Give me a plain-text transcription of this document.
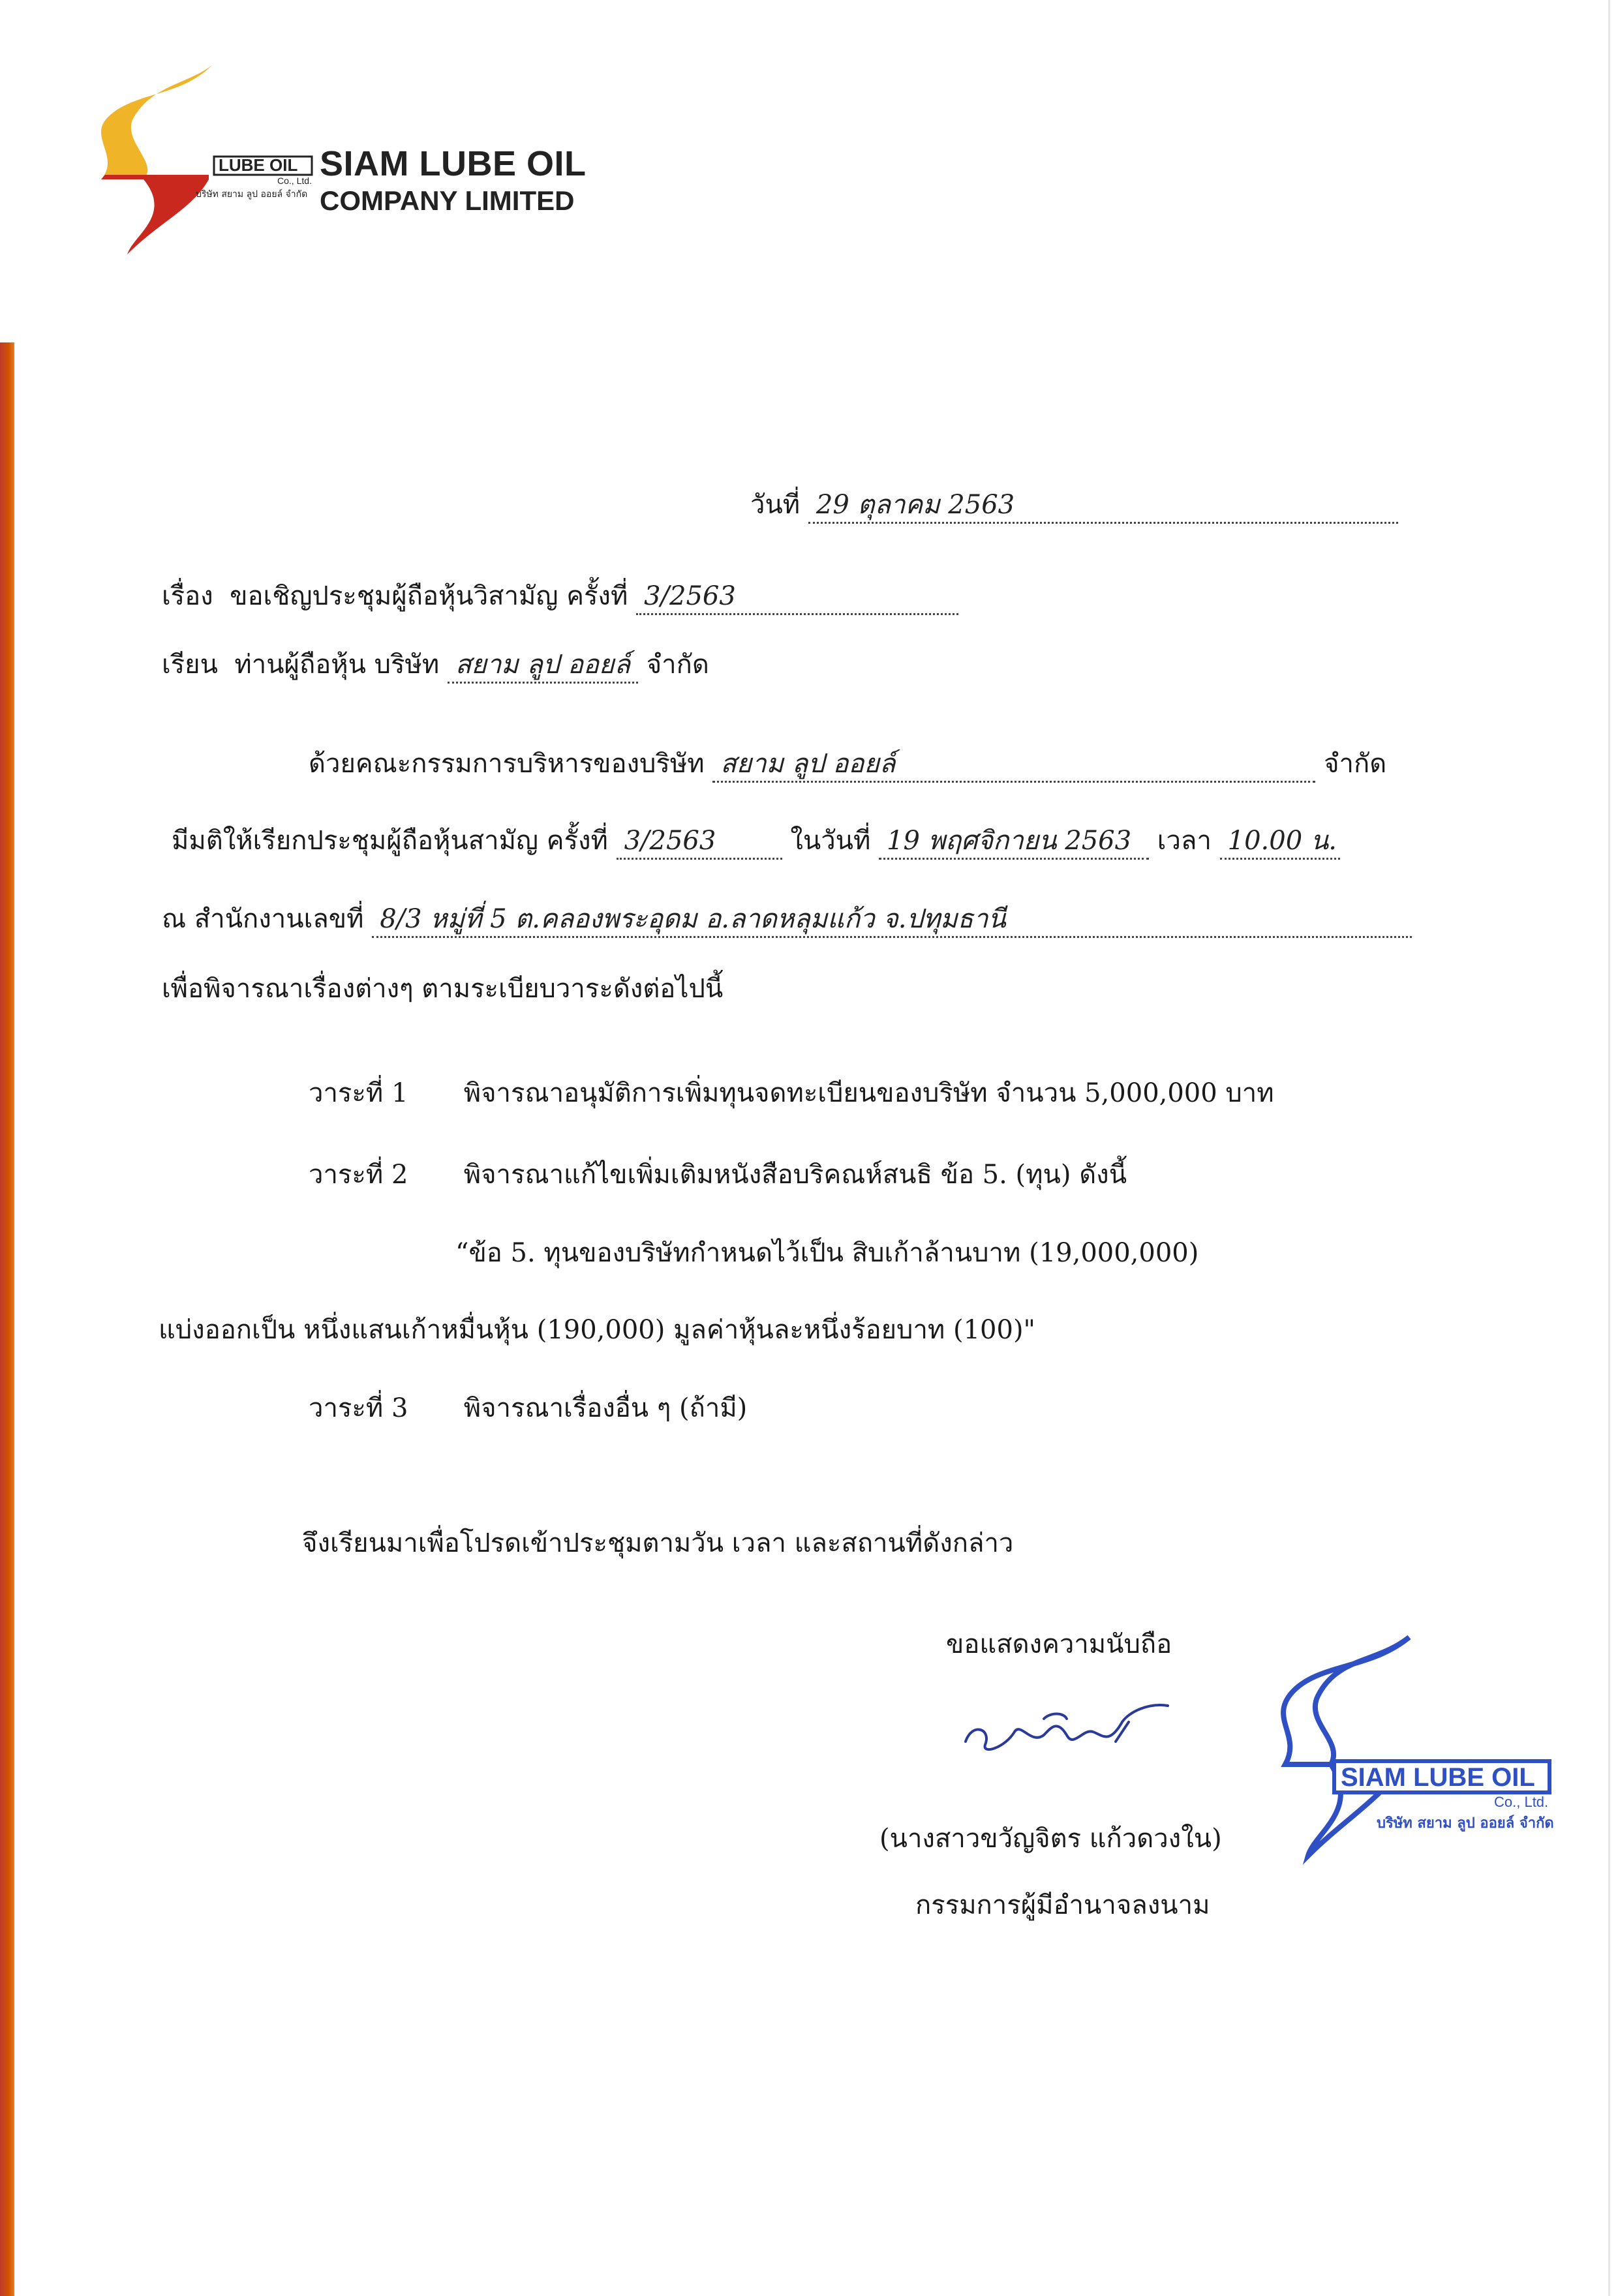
LUBE OIL
Co., Ltd.
บริษัท สยาม ลูป ออยล์ จำกัด
SIAM LUBE OIL
COMPANY LIMITED
วันที่ 29 ตุลาคม 2563
เรื่อง ขอเชิญประชุมผู้ถือหุ้นวิสามัญ ครั้งที่ 3/2563
เรียน ท่านผู้ถือหุ้น บริษัท สยาม ลูป ออยล์ จำกัด
ด้วยคณะกรรมการบริหารของบริษัท สยาม ลูป ออยล์	จำกัด
มีมติให้เรียกประชุมผู้ถือหุ้นสามัญ ครั้งที่ 3/2563	ในวันที่ 19 พฤศจิกายน 2563 เวลา 10.00 น.
ณ สำนักงานเลขที่ 8/3 หมู่ที่ 5 ต.คลองพระอุดม อ.ลาดหลุมแก้ว จ.ปทุมธานี
เพื่อพิจารณาเรื่องต่างๆ ตามระเบียบวาระดังต่อไปนี้
วาระที่ 1 พิจารณาอนุมัติการเพิ่มทุนจดทะเบียนของบริษัท จำนวน 5,000,000 บาท
วาระที่ 2 พิจารณาแก้ไขเพิ่มเติมหนังสือบริคณห์สนธิ ข้อ 5. (ทุน) ดังนี้
“ข้อ 5. ทุนของบริษัทกำหนดไว้เป็น สิบเก้าล้านบาท (19,000,000)
แบ่งออกเป็น หนึ่งแสนเก้าหมื่นหุ้น (190,000) มูลค่าหุ้นละหนึ่งร้อยบาท (100)"
วาระที่ 3 พิจารณาเรื่องอื่น ๆ (ถ้ามี)
จึงเรียนมาเพื่อโปรดเข้าประชุมตามวัน เวลา และสถานที่ดังกล่าว
ขอแสดงความนับถือ
SIAM LUBE OIL
Co., Ltd.
บริษัท สยาม ลูป ออยล์ จำกัด
(นางสาวขวัญจิตร แก้วดวงใน)
กรรมการผู้มีอำนาจลงนาม
